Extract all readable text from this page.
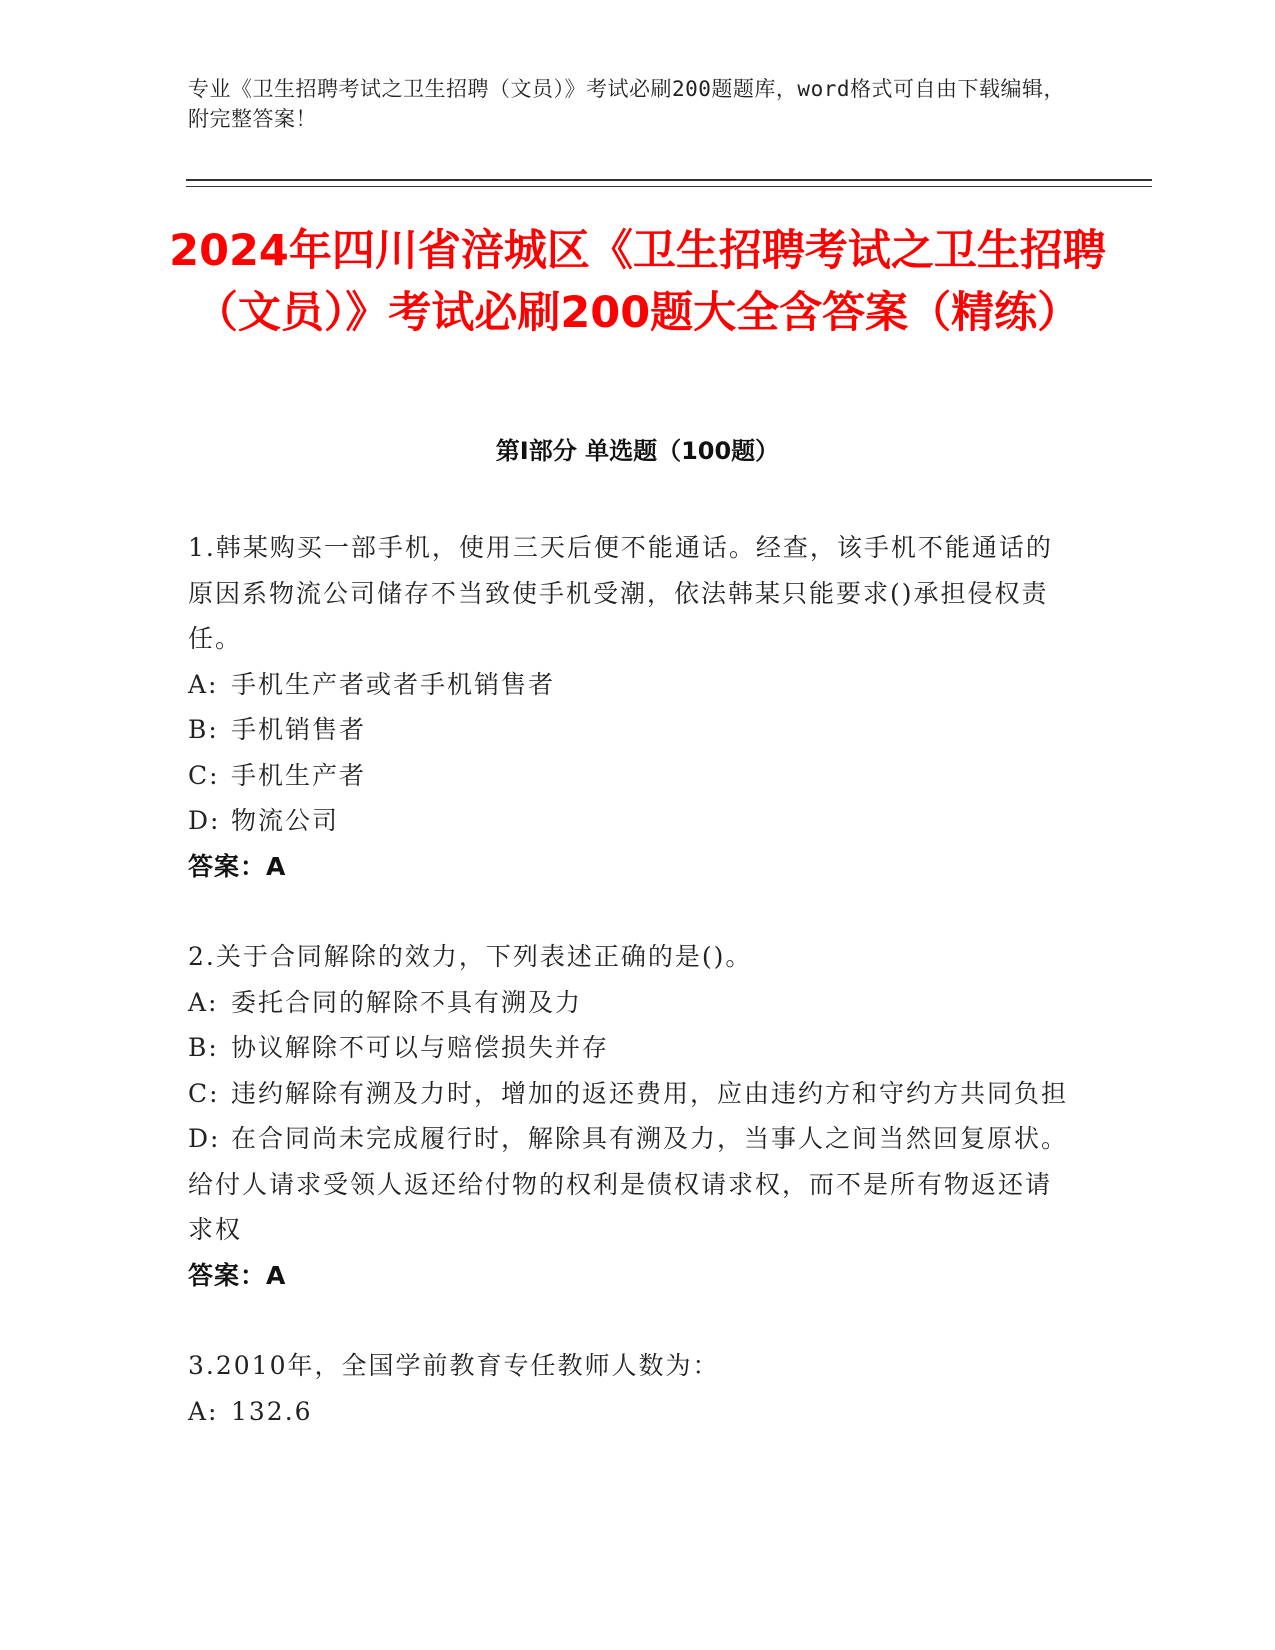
专业《卫生招聘考试之卫生招聘（文员）》考试必刷200题题库，word格式可自由下载编辑，附完整答案！
2024年四川省涪城区《卫生招聘考试之卫生招聘（文员）》考试必刷200题大全含答案（精练）
第I部分 单选题（100题）

1.韩某购买一部手机，使用三天后便不能通话。经查，该手机不能通话的原因系物流公司储存不当致使手机受潮，依法韩某只能要求()承担侵权责任。

A: 手机生产者或者手机销售者

B: 手机销售者

C: 手机生产者

D: 物流公司

答案：A

2.关于合同解除的效力，下列表述正确的是()。

A: 委托合同的解除不具有溯及力

B: 协议解除不可以与赔偿损失并存

C: 违约解除有溯及力时，增加的返还费用，应由违约方和守约方共同负担

D: 在合同尚未完成履行时，解除具有溯及力，当事人之间当然回复原状。给付人请求受领人返还给付物的权利是债权请求权，而不是所有物返还请求权

答案：A

3.2010年，全国学前教育专任教师人数为：

A: 132.6
